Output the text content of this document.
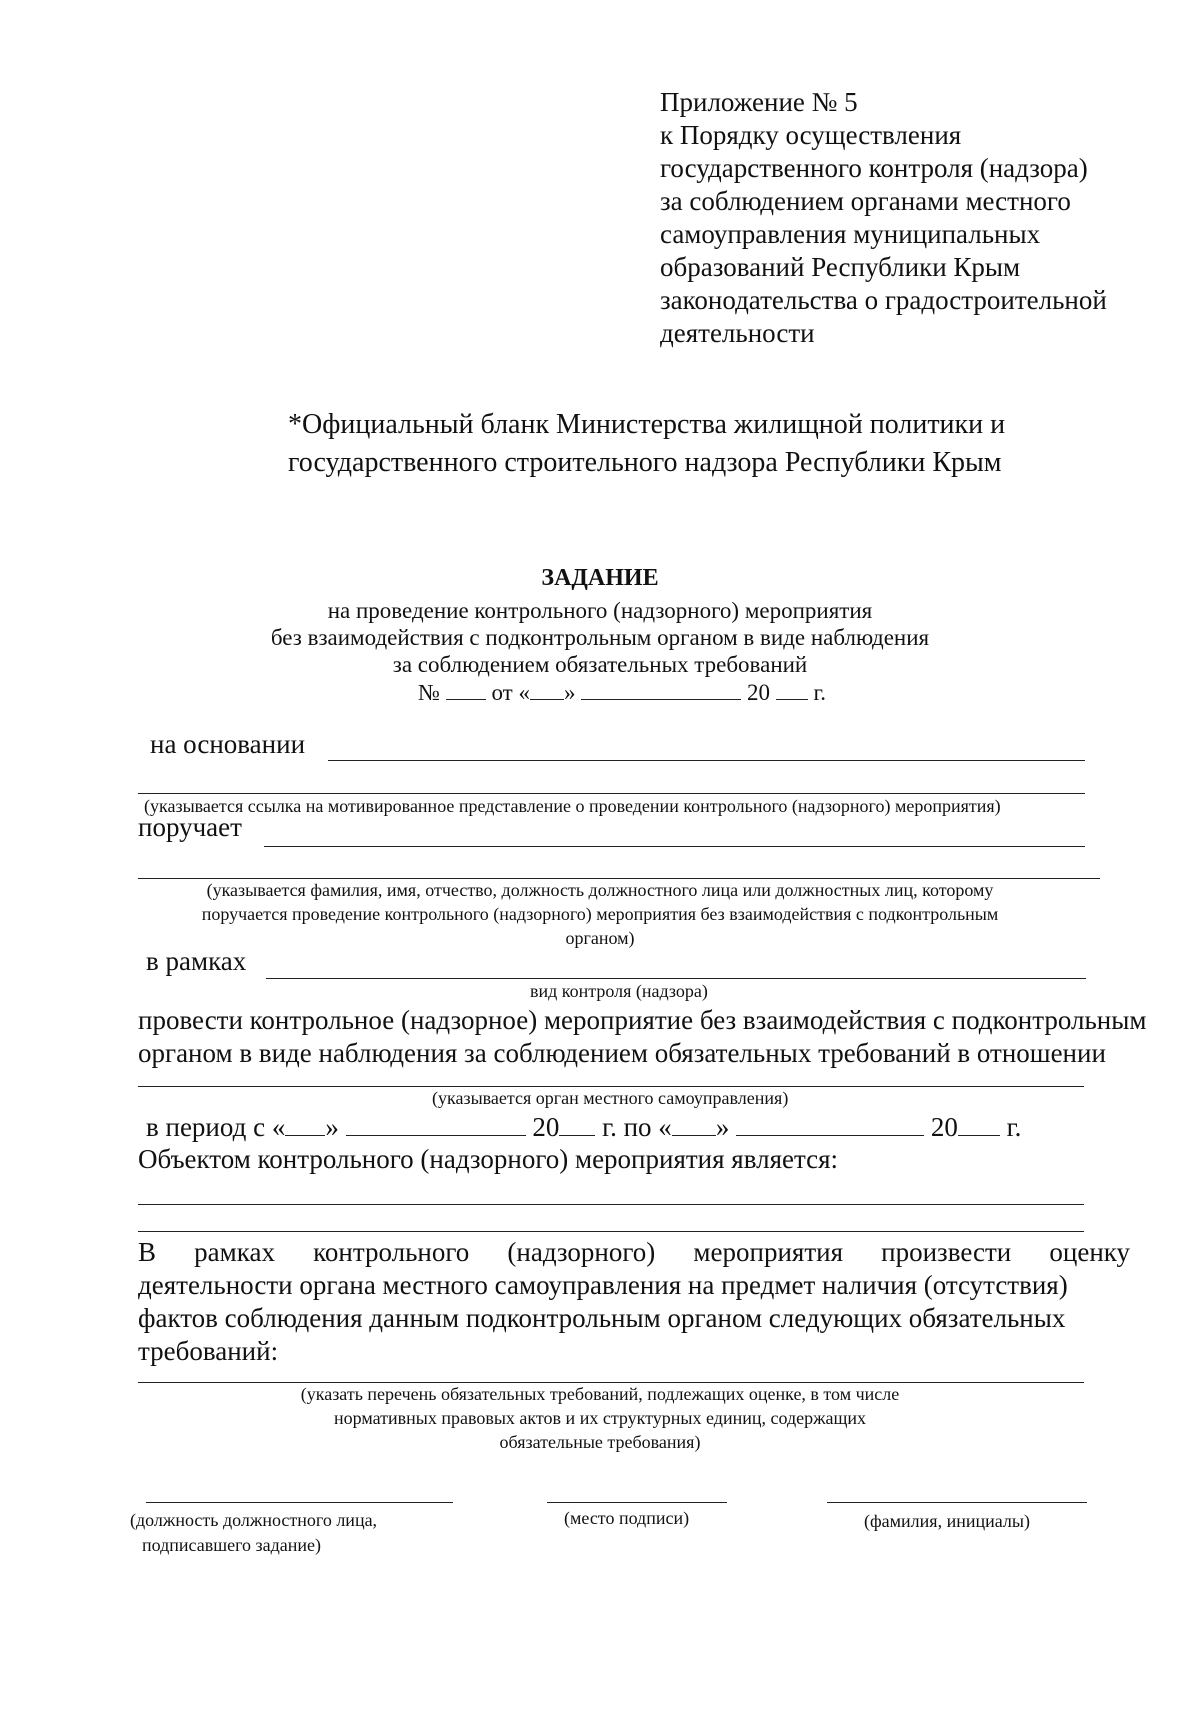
Приложение № 5
к Порядку осуществления
государственного контроля (надзора)
за соблюдением органами местного
самоуправления муниципальных
образований Республики Крым
законодательства о градостроительной
деятельности
*Официальный бланк Министерства жилищной политики и
государственного строительного надзора Республики Крым
ЗАДАНИЕ
на проведение контрольного (надзорного) мероприятия
без взаимодействия с подконтрольным органом в виде наблюдения
за соблюдением обязательных требований
№ от « »	20 г.
на основании
(указывается ссылка на мотивированное представление о проведении контрольного (надзорного) мероприятия)
поручает
(указывается фамилия, имя, отчество, должность должностного лица или должностных лиц, которому
поручается проведение контрольного (надзорного) мероприятия без взаимодействия с подконтрольным
органом)
в рамках
вид контроля (надзора)
провести контрольное (надзорное) мероприятие без взаимодействия с подконтрольным
органом в виде наблюдения за соблюдением обязательных требований в отношении
(указывается орган местного самоуправления)
в период с « »	20 г. по « »	20 г.
Объектом контрольного (надзорного) мероприятия является:
В рамках контрольного (надзорного) мероприятия произвести оценку
деятельности органа местного самоуправления на предмет наличия (отсутствия)
фактов соблюдения данным подконтрольным органом следующих обязательных
требований:
(указать перечень обязательных требований, подлежащих оценке, в том числе
нормативных правовых актов и их структурных единиц, содержащих
обязательные требования)
(должность должностного лица,
подписавшего задание)
(место подписи)	(фамилия, инициалы)
